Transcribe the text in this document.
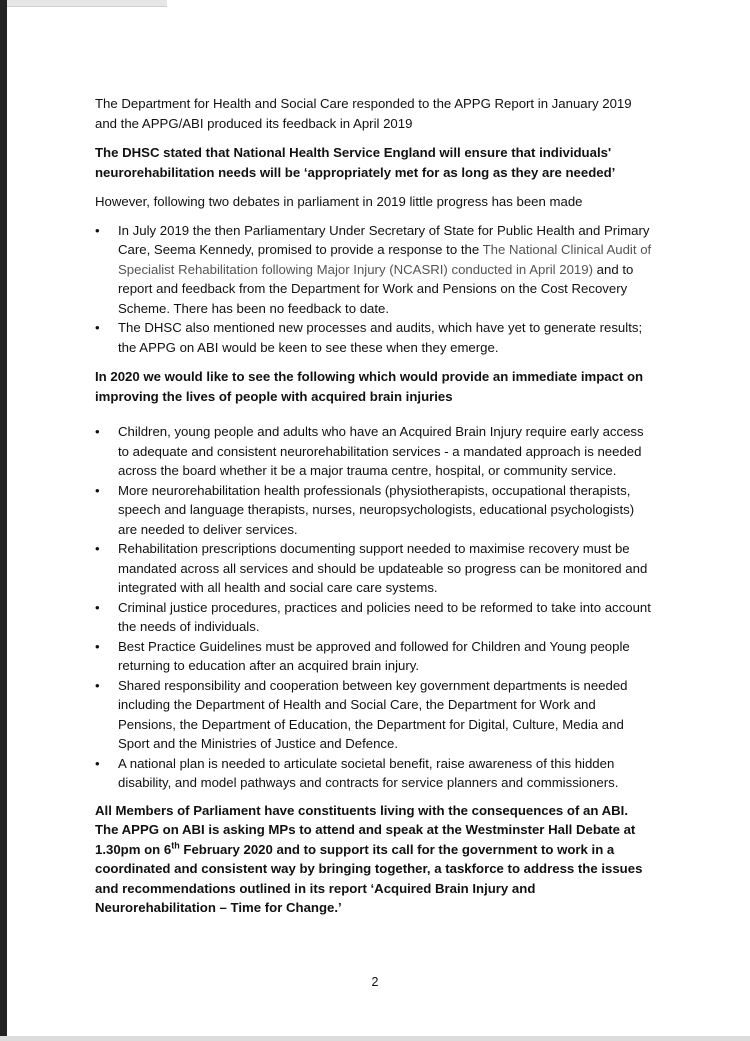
The Department for Health and Social Care responded to the APPG Report in January 2019 and the APPG/ABI produced its feedback in April 2019

The DHSC stated that National Health Service England will ensure that individuals' neurorehabilitation needs will be ‘appropriately met for as long as they are needed’

However, following two debates in parliament in 2019 little progress has been made

• In July 2019 the then Parliamentary Under Secretary of State for Public Health and Primary Care, Seema Kennedy, promised to provide a response to the The National Clinical Audit of Specialist Rehabilitation following Major Injury (NCASRI) conducted in April 2019) and to report and feedback from the Department for Work and Pensions on the Cost Recovery Scheme. There has been no feedback to date.
• The DHSC also mentioned new processes and audits, which have yet to generate results; the APPG on ABI would be keen to see these when they emerge.

In 2020 we would like to see the following which would provide an immediate impact on improving the lives of people with acquired brain injuries

• Children, young people and adults who have an Acquired Brain Injury require early access to adequate and consistent neurorehabilitation services - a mandated approach is needed across the board whether it be a major trauma centre, hospital, or community service.
• More neurorehabilitation health professionals (physiotherapists, occupational therapists, speech and language therapists, nurses, neuropsychologists, educational psychologists) are needed to deliver services.
• Rehabilitation prescriptions documenting support needed to maximise recovery must be mandated across all services and should be updateable so progress can be monitored and integrated with all health and social care care systems.
• Criminal justice procedures, practices and policies need to be reformed to take into account the needs of individuals.
• Best Practice Guidelines must be approved and followed for Children and Young people returning to education after an acquired brain injury.
• Shared responsibility and cooperation between key government departments is needed including the Department of Health and Social Care, the Department for Work and Pensions, the Department of Education, the Department for Digital, Culture, Media and Sport and the Ministries of Justice and Defence.
• A national plan is needed to articulate societal benefit, raise awareness of this hidden disability, and model pathways and contracts for service planners and commissioners.

All Members of Parliament have constituents living with the consequences of an ABI. The APPG on ABI is asking MPs to attend and speak at the Westminster Hall Debate at 1.30pm on 6th February 2020 and to support its call for the government to work in a coordinated and consistent way by bringing together, a taskforce to address the issues and recommendations outlined in its report ‘Acquired Brain Injury and Neurorehabilitation – Time for Change.’

2
